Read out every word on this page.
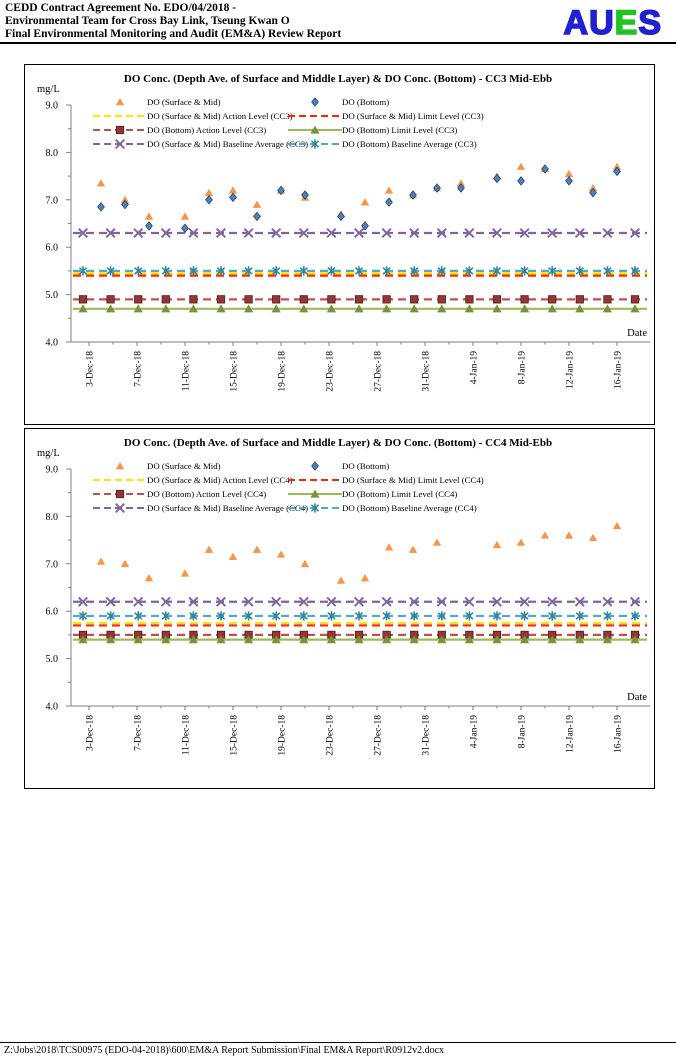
CEDD Contract Agreement No. EDO/04/2018 -
Environmental Team for Cross Bay Link, Tseung Kwan O
Final Environmental Monitoring and Audit (EM&A) Review Report	AUES
DO Conc. (Depth Ave. of Surface and Middle Layer) & DO Conc. (Bottom) - CC3 Mid-Ebb
mg/L
4.0
5.0
6.0
7.0
8.0
9.0
3-Dec-18	7-Dec-18	11-Dec-18	15-Dec-18	19-Dec-18	23-Dec-18	27-Dec-18	31-Dec-18	4-Jan-19	8-Jan-19	12-Jan-19	16-Jan-19
Date
DO (Surface & Mid)	DO (Bottom)
DO (Surface & Mid) Action Level (CC3)	DO (Surface & Mid) Limit Level (CC3)
DO (Bottom) Action Level (CC3)	DO (Bottom) Limit Level (CC3)
DO (Surface & Mid) Baseline Average (CC3)	DO (Bottom) Baseline Average (CC3)
DO Conc. (Depth Ave. of Surface and Middle Layer) & DO Conc. (Bottom) - CC4 Mid-Ebb
mg/L
4.0
5.0
6.0
7.0
8.0
9.0
3-Dec-18	7-Dec-18	11-Dec-18	15-Dec-18	19-Dec-18	23-Dec-18	27-Dec-18	31-Dec-18	4-Jan-19	8-Jan-19	12-Jan-19	16-Jan-19
Date
DO (Surface & Mid)	DO (Bottom)
DO (Surface & Mid) Action Level (CC4)	DO (Surface & Mid) Limit Level (CC4)
DO (Bottom) Action Level (CC4)	DO (Bottom) Limit Level (CC4)
DO (Surface & Mid) Baseline Average (CC4)	DO (Bottom) Baseline Average (CC4)
Z:\Jobs\2018\TCS00975 (EDO-04-2018)\600\EM&A Report Submission\Final EM&A Report\R0912v2.docx
